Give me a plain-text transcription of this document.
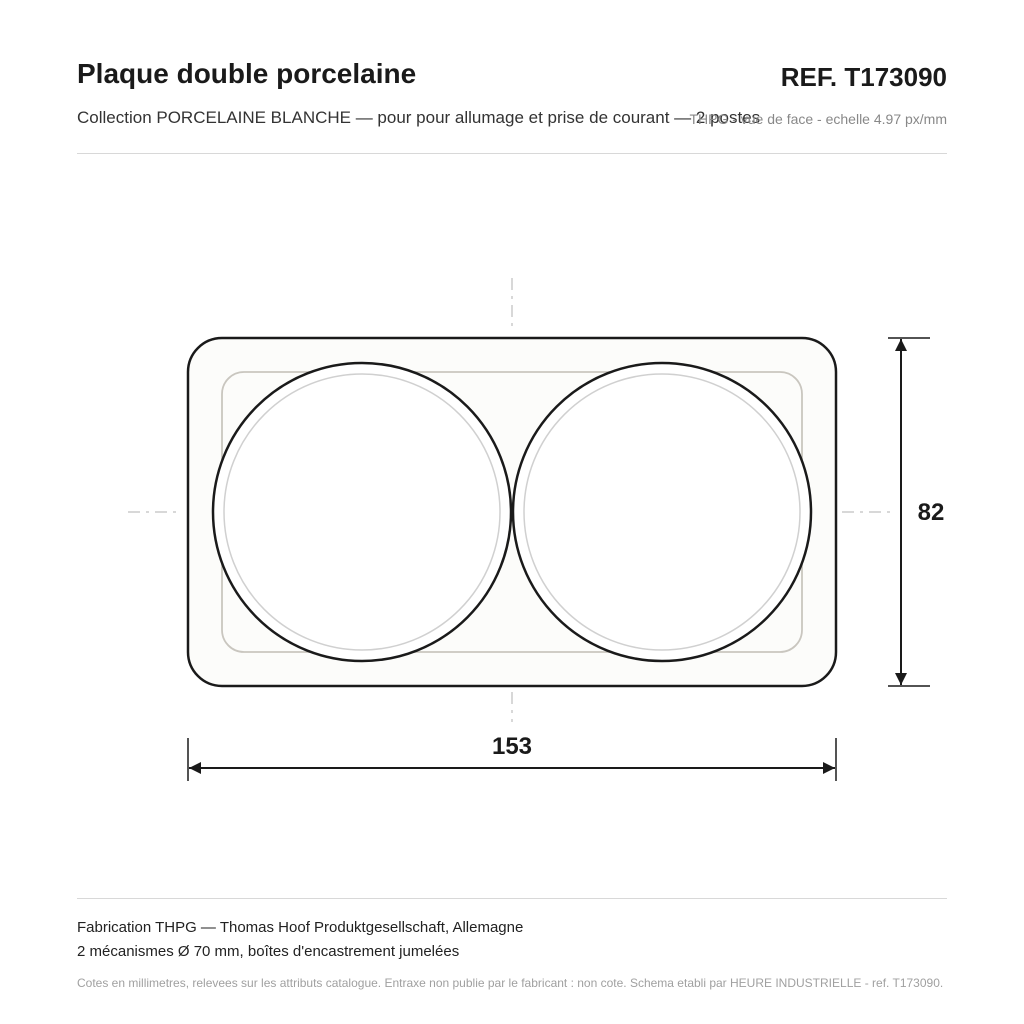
Plaque double porcelaine	REF. T173090
Collection PORCELAINE BLANCHE — pour pour allumage et prise de courant — 2 postes
THPG - vue de face - echelle 4.97 px/mm
153
82
Fabrication THPG — Thomas Hoof Produktgesellschaft, Allemagne
2 mécanismes Ø 70 mm, boîtes d'encastrement jumelées
Cotes en millimetres, relevees sur les attributs catalogue. Entraxe non publie par le fabricant : non cote. Schema etabli par HEURE INDUSTRIELLE - ref. T173090.
